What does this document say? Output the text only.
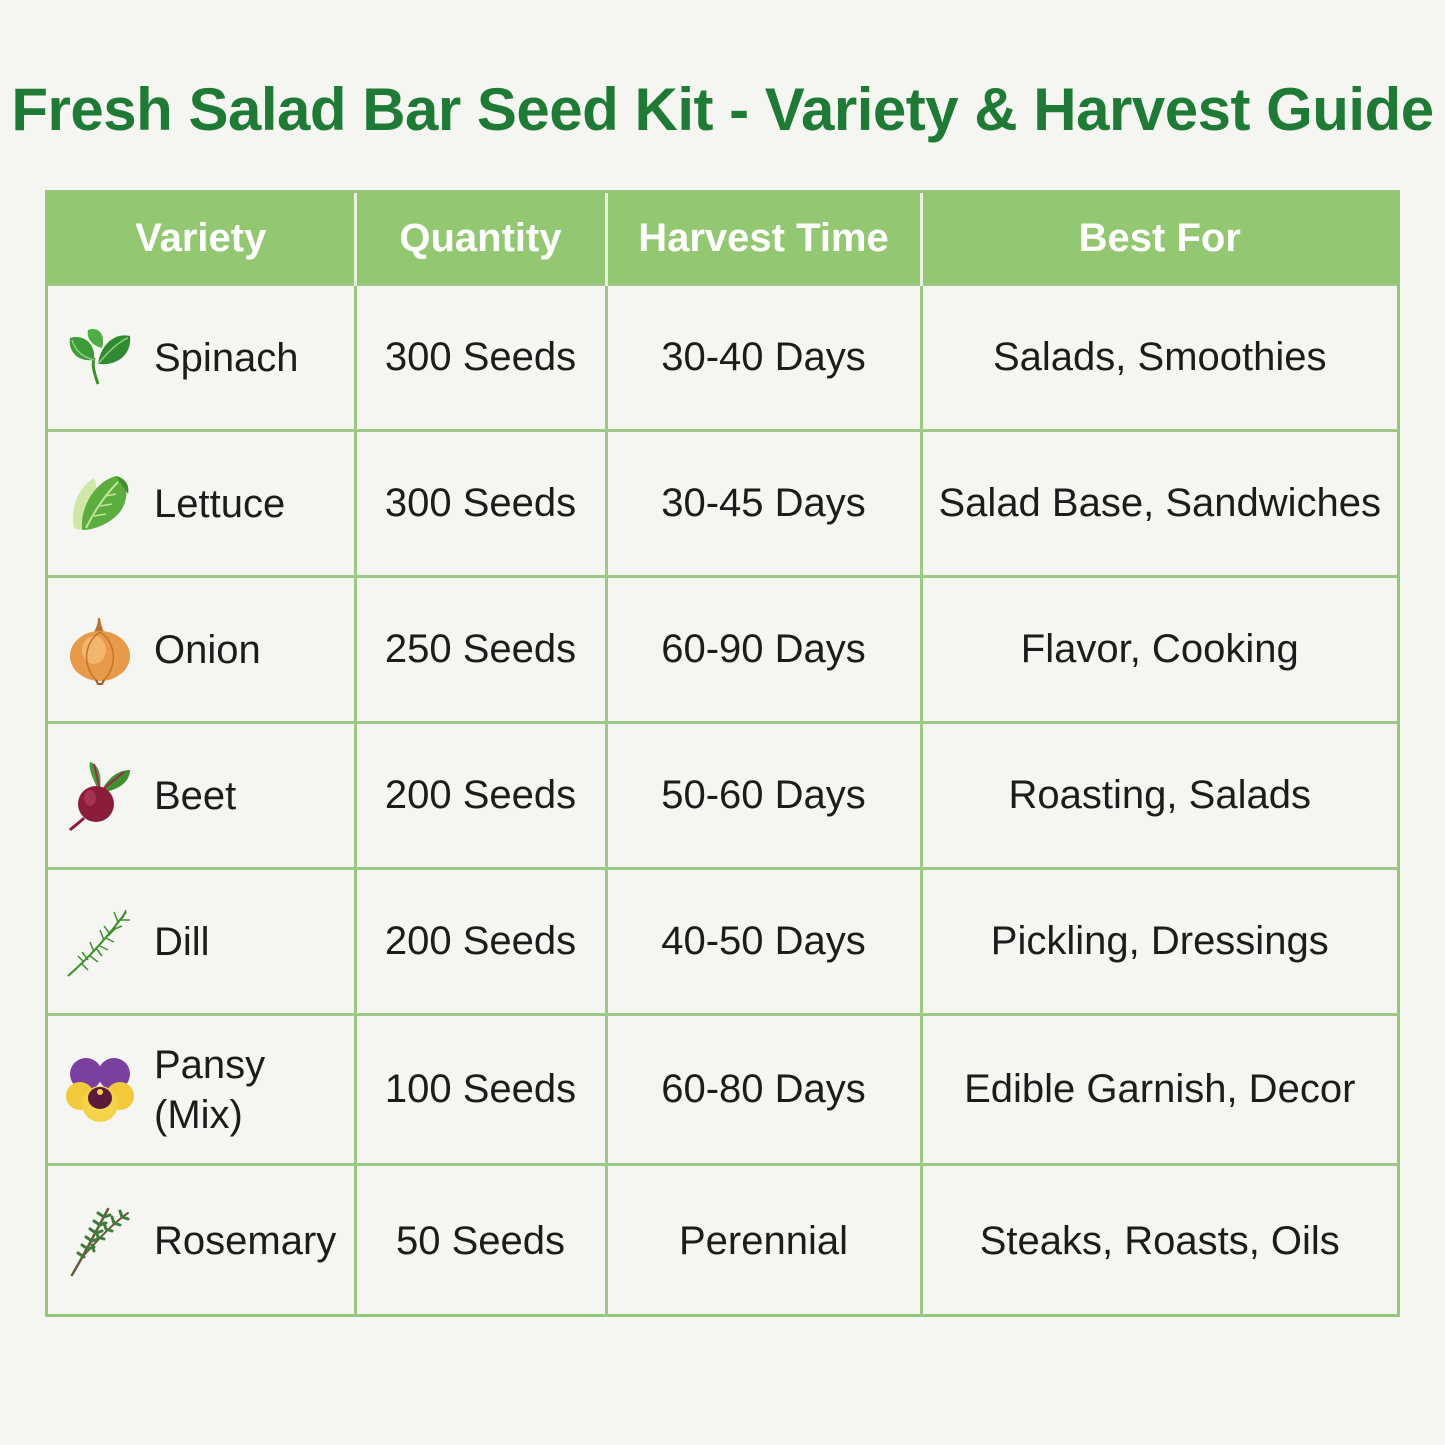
Fresh Salad Bar Seed Kit - Variety & Harvest Guide
Variety	Quantity	Harvest Time	Best For

Spinach	300 Seeds	30-40 Days	Salads, Smoothies

Lettuce	300 Seeds	30-45 Days	Salad Base, Sandwiches

Onion	250 Seeds	60-90 Days	Flavor, Cooking

Beet	200 Seeds	50-60 Days	Roasting, Salads

Dill	200 Seeds	40-50 Days	Pickling, Dressings

Pansy
(Mix)	100 Seeds	60-80 Days	Edible Garnish, Decor

Rosemary	50 Seeds	Perennial	Steaks, Roasts, Oils
